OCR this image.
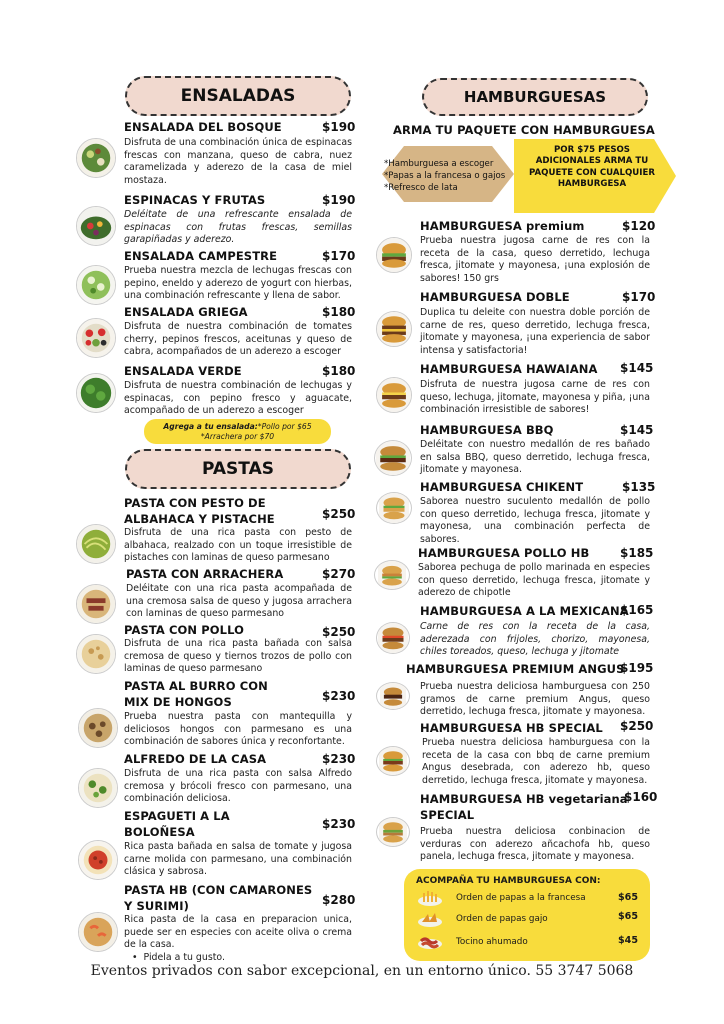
ENSALADAS
ENSALADA DEL BOSQUE	$190
Disfruta de una combinación única de espinacas frescas con manzana, queso de cabra, nuez caramelizada y aderezo de la casa de miel mostaza.
ESPINACAS Y FRUTAS	$190
Deléitate de una refrescante ensalada de espinacas con frutas frescas, semillas garapiñadas y aderezo.
ENSALADA CAMPESTRE	$170
Prueba nuestra mezcla de lechugas frescas con pepino, eneldo y aderezo de yogurt con hierbas, una combinación refrescante y llena de sabor.
ENSALADA GRIEGA	$180
Disfruta de nuestra combinación de tomates cherry, pepinos frescos, aceitunas y queso de cabra, acompañados de un aderezo a escoger
ENSALADA VERDE	$180
Disfruta de nuestra combinación de lechugas y espinacas, con pepino fresco y aguacate, acompañado de un aderezo a escoger
Agrega a tu ensalada:*Pollo por $65
*Arrachera por $70
PASTAS
PASTA CON PESTO DE
ALBAHACA Y PISTACHE	$250
Disfruta de una rica pasta con pesto de albahaca, realzado con un toque irresistible de pistaches con laminas de queso parmesano
PASTA CON ARRACHERA	$270
Deléitate con una rica pasta acompañada de una cremosa salsa de queso y jugosa arrachera con laminas de queso parmesano
PASTA CON POLLO	$250
Disfruta de una rica pasta bañada con salsa cremosa de queso y tiernos trozos de pollo con laminas de queso parmesano
PASTA AL BURRO CON
MIX DE HONGOS	$230
Prueba nuestra pasta con mantequilla y deliciosos hongos con parmesano es una combinación de sabores única y reconfortante.
ALFREDO DE LA CASA	$230
Disfruta de una rica pasta con salsa Alfredo cremosa y brócoli fresco con parmesano, una combinación deliciosa.
ESPAGUETI A LA
BOLOÑESA
$230
Rica pasta bañada en salsa de tomate y jugosa carne molida con parmesano, una combinación clásica y sabrosa.
PASTA HB (CON CAMARONES
Y SURIMI)	$280
Rica pasta de la casa en preparacion unica, puede ser en especies con aceite oliva o crema de la casa.
•  Pidela a tu gusto.
HAMBURGUESAS
ARMA TU PAQUETE CON HAMBURGUESA
*Hamburguesa a escoger
*Papas a la francesa o gajos
*Refresco de lata
POR $75 PESOS ADICIONALES ARMA TU PAQUETE CON CUALQUIER HAMBURGESA
HAMBURGUESA premium	$120
Prueba nuestra jugosa carne de res con la receta de la casa, queso derretido, lechuga fresca, jitomate y mayonesa, ¡una explosión de sabores! 150 grs
HAMBURGUESA DOBLE	$170
Duplica tu deleite con nuestra doble porción de carne de res, queso derretido, lechuga fresca, jitomate y mayonesa, ¡una experiencia de sabor intensa y satisfactoria!
HAMBURGUESA HAWAIANA $145
Disfruta de nuestra jugosa carne de res con queso, lechuga, jitomate, mayonesa y piña, ¡una combinación irresistible de sabores!
HAMBURGUESA BBQ	$145
Deléitate con nuestro medallón de res bañado en salsa BBQ, queso derretido, lechuga fresca, jitomate y mayonesa.
HAMBURGUESA CHIKENT	$135
Saborea nuestro suculento medallón de pollo con queso derretido, lechuga fresca, jitomate y mayonesa, una combinación perfecta de sabores.
HAMBURGUESA POLLO HB	$185
Saborea pechuga de pollo marinada en especies con queso derretido, lechuga fresca, jitomate y aderezo de chipotle
HAMBURGUESA A LA MEXICANA
$165
Carne de res con la receta de la casa, aderezada con frijoles, chorizo, mayonesa, chiles toreados, queso, lechuga y jitomate
HAMBURGUESA PREMIUM ANGUS
$195
Prueba nuestra deliciosa hamburguesa con 250 gramos de carne premium Angus, queso derretido, lechuga fresca, jitomate y mayonesa.
HAMBURGUESA HB SPECIAL $250
Prueba nuestra deliciosa hamburguesa con la receta de la casa con bbq de carne premium Angus desebrada, con aderezo hb, queso derretido, lechuga fresca, jitomate y mayonesa.
HAMBURGUESA HB vegetariana
SPECIAL
$160
Prueba nuestra deliciosa conbinacion de verduras con aderezo añcachofa hb, queso panela, lechuga fresca, jitomate y mayonesa.
ACOMPAÑA TU HAMBURGUESA CON:
Orden de papas a la francesa	$65
Orden de papas gajo	$65
Tocino ahumado	$45
Eventos privados con sabor excepcional, en un entorno único. 55 3747 5068
